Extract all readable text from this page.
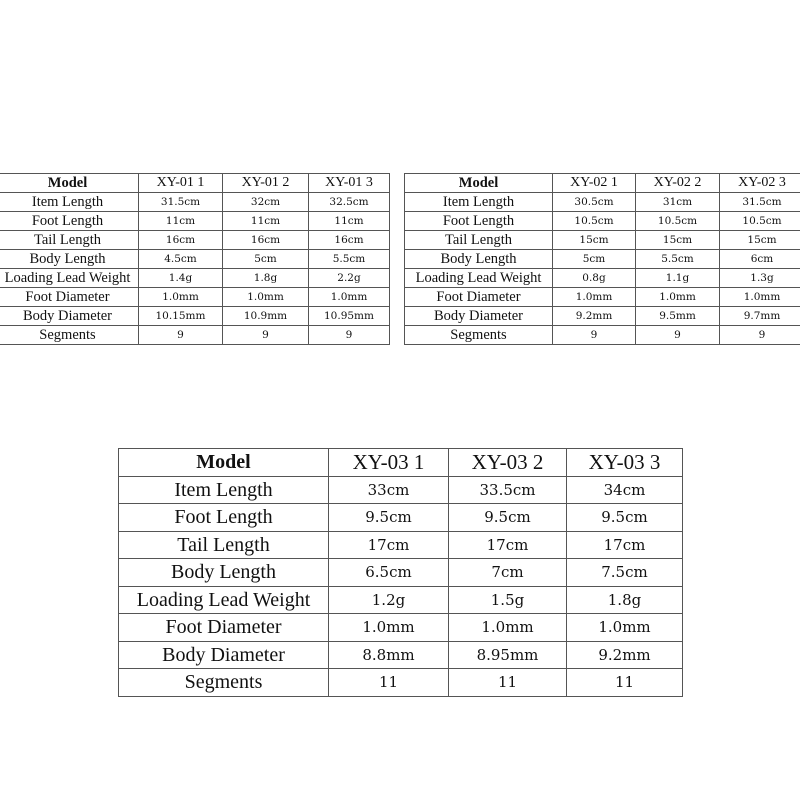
Model	XY-01 1	XY-01 2	XY-01 3
Item Length	31.5cm	32cm	32.5cm
Foot Length	11cm	11cm	11cm
Tail Length	16cm	16cm	16cm
Body Length	4.5cm	5cm	5.5cm
Loading Lead Weight	1.4g	1.8g	2.2g
Foot Diameter	1.0mm	1.0mm	1.0mm
Body Diameter	10.15mm	10.9mm	10.95mm
Segments	9	9	9
Model	XY-02 1	XY-02 2	XY-02 3
Item Length	30.5cm	31cm	31.5cm
Foot Length	10.5cm	10.5cm	10.5cm
Tail Length	15cm	15cm	15cm
Body Length	5cm	5.5cm	6cm
Loading Lead Weight	0.8g	1.1g	1.3g
Foot Diameter	1.0mm	1.0mm	1.0mm
Body Diameter	9.2mm	9.5mm	9.7mm
Segments	9	9	9
Model	XY-03 1	XY-03 2	XY-03 3
Item Length	33cm	33.5cm	34cm
Foot Length	9.5cm	9.5cm	9.5cm
Tail Length	17cm	17cm	17cm
Body Length	6.5cm	7cm	7.5cm
Loading Lead Weight	1.2g	1.5g	1.8g
Foot Diameter	1.0mm	1.0mm	1.0mm
Body Diameter	8.8mm	8.95mm	9.2mm
Segments	11	11	11
